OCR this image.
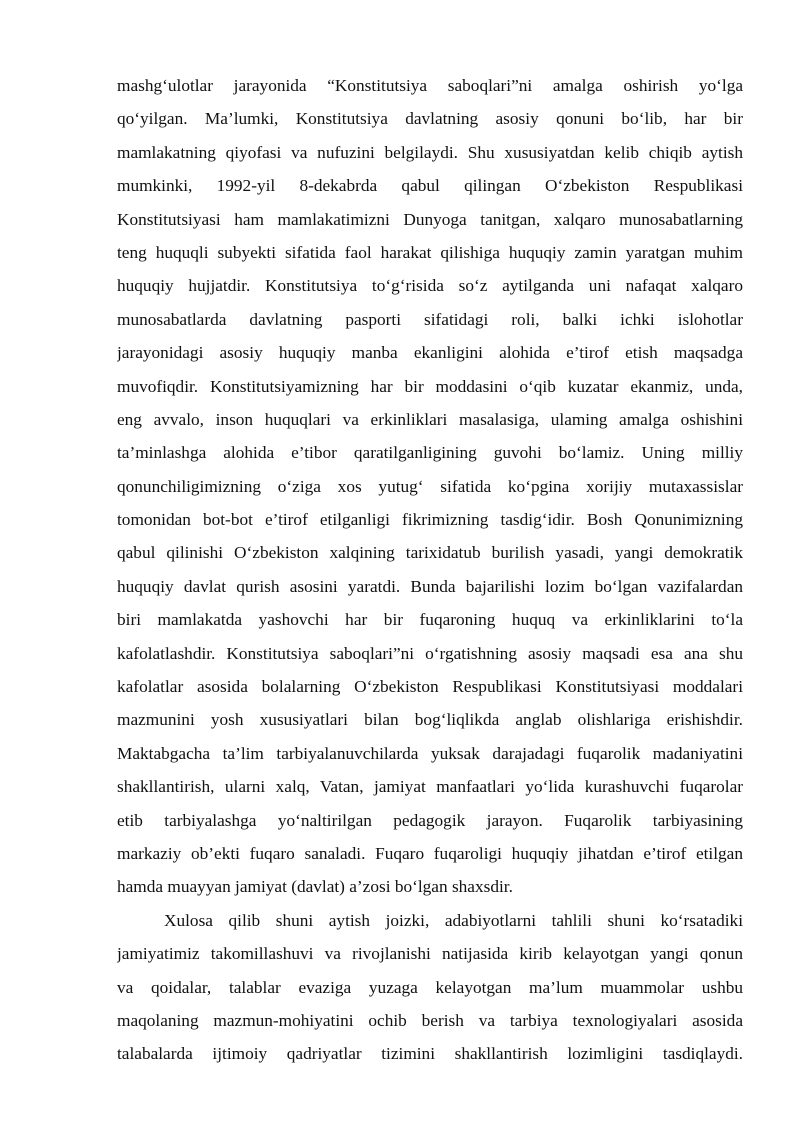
mashg‘ulotlar jarayonida “Konstitutsiya saboqlari”ni amalga oshirish yo‘lga
qo‘yilgan. Ma’lumki, Konstitutsiya davlatning asosiy qonuni bo‘lib, har bir
mamlakatning qiyofasi va nufuzini belgilaydi. Shu xususiyatdan kelib chiqib aytish
mumkinki, 1992-yil 8-dekabrda qabul qilingan O‘zbekiston Respublikasi
Konstitutsiyasi ham mamlakatimizni Dunyoga tanitgan, xalqaro munosabatlarning
teng huquqli subyekti sifatida faol harakat qilishiga huquqiy zamin yaratgan muhim
huquqiy hujjatdir. Konstitutsiya to‘g‘risida so‘z aytilganda uni nafaqat xalqaro
munosabatlarda davlatning pasporti sifatidagi roli, balki ichki islohotlar
jarayonidagi asosiy huquqiy manba ekanligini alohida e’tirof etish maqsadga
muvofiqdir. Konstitutsiyamizning har bir moddasini o‘qib kuzatar ekanmiz, unda,
eng avvalo, inson huquqlari va erkinliklari masalasiga, ulaming amalga oshishini
ta’minlashga alohida e’tibor qaratilganligining guvohi bo‘lamiz. Uning milliy
qonunchiligimizning o‘ziga xos yutug‘ sifatida ko‘pgina xorijiy mutaxassislar
tomonidan bot-bot e’tirof etilganligi fikrimizning tasdig‘idir. Bosh Qonunimizning
qabul qilinishi O‘zbekiston xalqining tarixidatub burilish yasadi, yangi demokratik
huquqiy davlat qurish asosini yaratdi. Bunda bajarilishi lozim bo‘lgan vazifalardan
biri mamlakatda yashovchi har bir fuqaroning huquq va erkinliklarini to‘la
kafolatlashdir. Konstitutsiya saboqlari”ni o‘rgatishning asosiy maqsadi esa ana shu
kafolatlar asosida bolalarning O‘zbekiston Respublikasi Konstitutsiyasi moddalari
mazmunini yosh xususiyatlari bilan bog‘liqlikda anglab olishlariga erishishdir.
Maktabgacha ta’lim tarbiyalanuvchilarda yuksak darajadagi fuqarolik madaniyatini
shakllantirish, ularni xalq, Vatan, jamiyat manfaatlari yo‘lida kurashuvchi fuqarolar
etib tarbiyalashga yo‘naltirilgan pedagogik jarayon. Fuqarolik tarbiyasining
markaziy ob’ekti fuqaro sanaladi. Fuqaro fuqaroligi huquqiy jihatdan e’tirof etilgan
hamda muayyan jamiyat (davlat) a’zosi bo‘lgan shaxsdir.
Xulosa qilib shuni aytish joizki, adabiyotlarni tahlili shuni ko‘rsatadiki
jamiyatimiz takomillashuvi va rivojlanishi natijasida kirib kelayotgan yangi qonun
va qoidalar, talablar evaziga yuzaga kelayotgan ma’lum muammolar ushbu
maqolaning mazmun-mohiyatini ochib berish va tarbiya texnologiyalari asosida
talabalarda ijtimoiy qadriyatlar tizimini shakllantirish lozimligini tasdiqlaydi.
